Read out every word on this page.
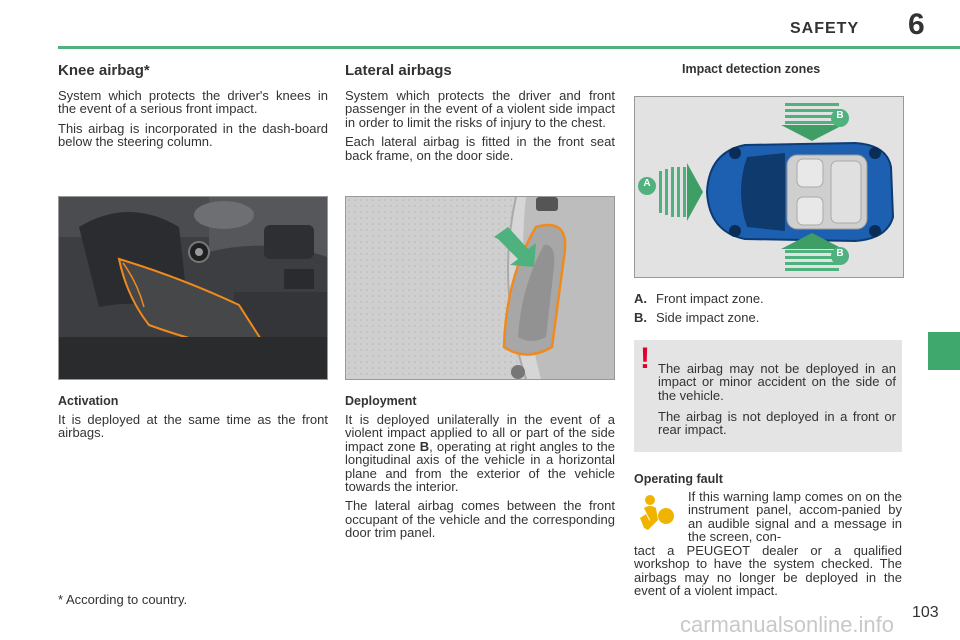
SAFETY 6
Knee airbag*

System which protects the driver's knees in the event of a serious front impact.

This airbag is incorporated in the dash-board below the steering column.

Activation

It is deployed at the same time as the front airbags.

Lateral airbags

System which protects the driver and front passenger in the event of a violent side impact in order to limit the risks of injury to the chest.

Each lateral airbag is fitted in the front seat back frame, on the door side.

Deployment

It is deployed unilaterally in the event of a violent impact applied to all or part of the side impact zone B, operating at right angles to the longitudinal axis of the vehicle in a horizontal plane and from the exterior of the vehicle towards the interior.

The lateral airbag comes between the front occupant of the vehicle and the corresponding door trim panel.

Impact detection zones
A
B
B
A. Front impact zone.
B. Side impact zone.

The airbag may not be deployed in an impact or minor accident on the side of the vehicle.

The airbag is not deployed in a front or rear impact.

!
Operating fault
If this warning lamp comes on on the instrument panel, accom-panied by an audible signal and a message in the screen, con-
tact a PEUGEOT dealer or a qualified workshop to have the system checked. The airbags may no longer be deployed in the event of a violent impact.
* According to country.
carmanualsonline.info 103
